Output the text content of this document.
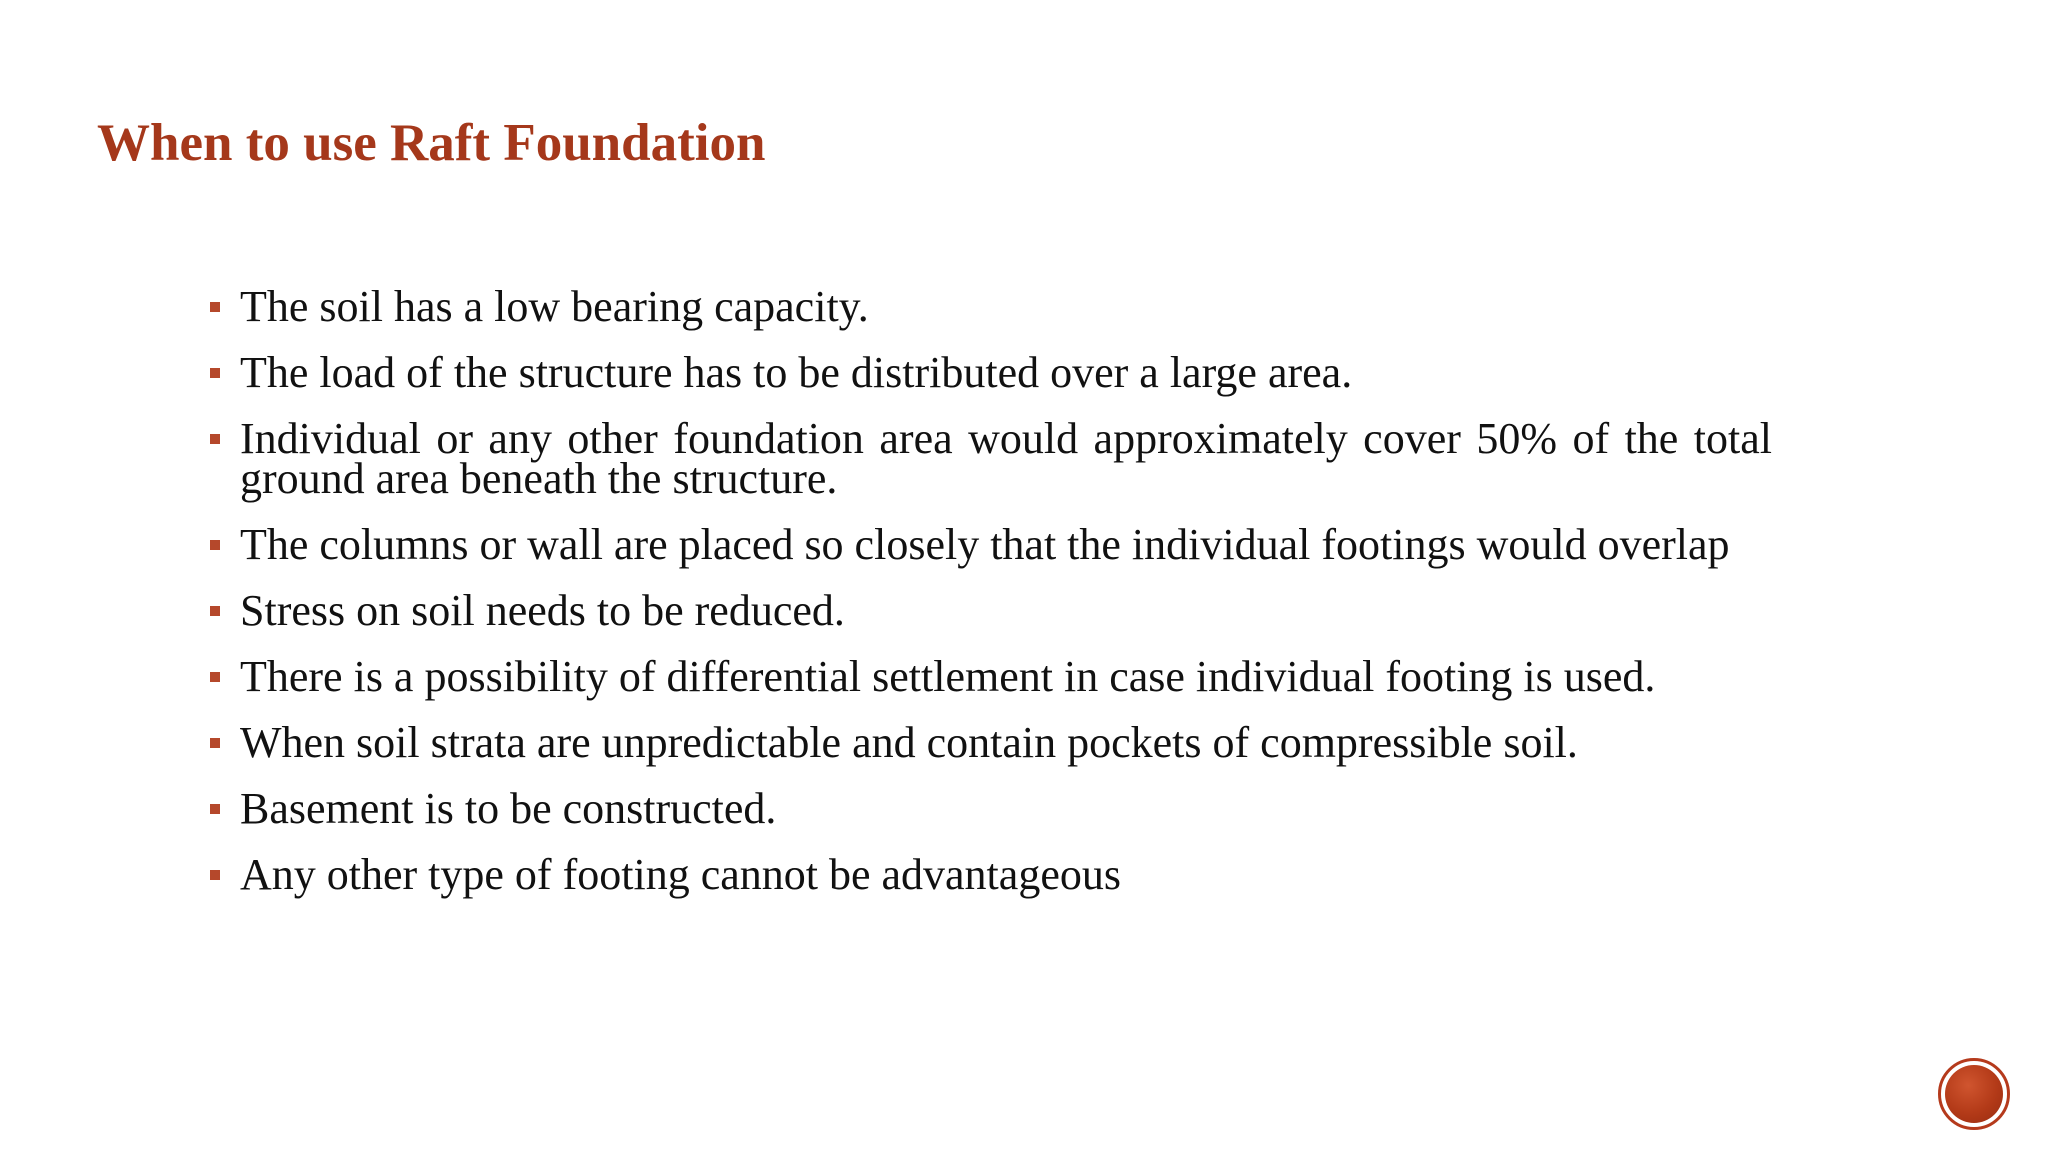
When to use Raft Foundation
The soil has a low bearing capacity.
The load of the structure has to be distributed over a large area.
Individual or any other foundation area would approximately cover 50% of the total ground area beneath the structure.
The columns or wall are placed so closely that the individual footings would overlap
Stress on soil needs to be reduced.
There is a possibility of differential settlement in case individual footing is used.
When soil strata are unpredictable and contain pockets of compressible soil.
Basement is to be constructed.
Any other type of footing cannot be advantageous
